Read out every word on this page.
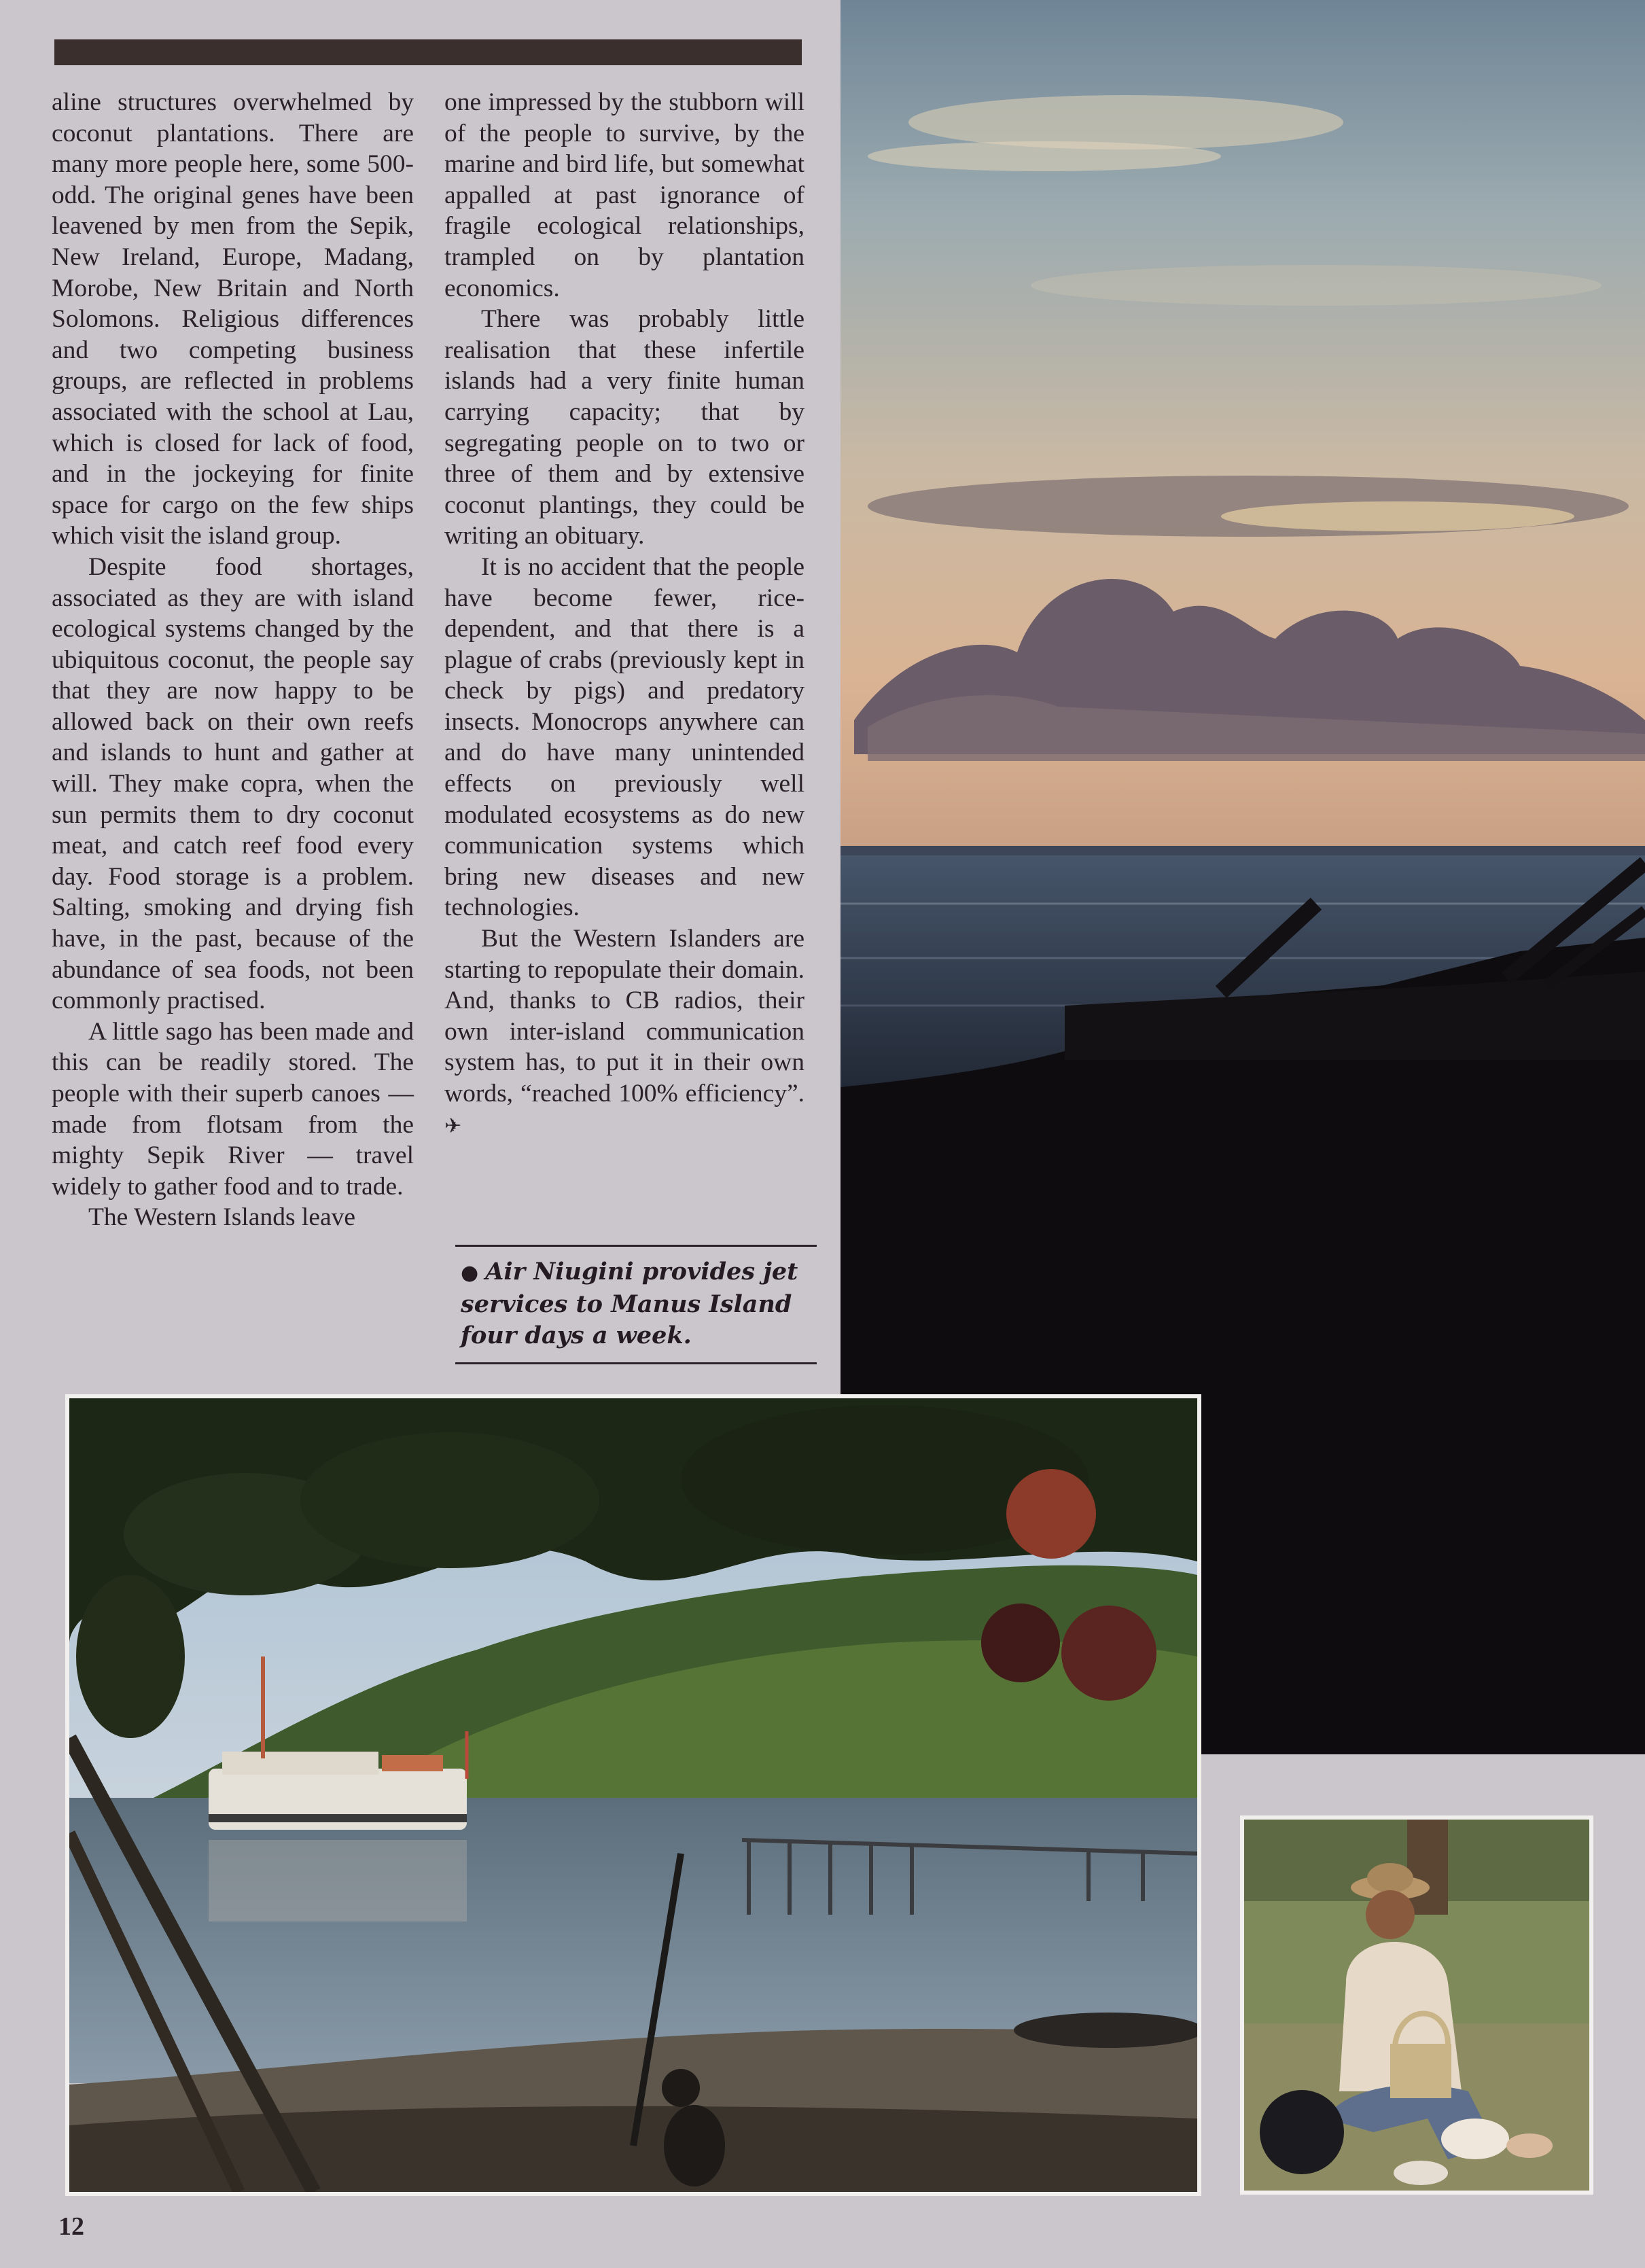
aline structures overwhelmed by coconut plantations. There are many more people here, some 500-odd. The original genes have been leavened by men from the Sepik, New Ireland, Europe, Madang, Morobe, New Britain and North Solomons. Religious differences and two competing business groups, are reflected in problems associated with the school at Lau, which is closed for lack of food, and in the jockeying for finite space for cargo on the few ships which visit the island group.

Despite food shortages, associated as they are with island ecological systems changed by the ubiquitous coconut, the people say that they are now happy to be allowed back on their own reefs and islands to hunt and gather at will. They make copra, when the sun permits them to dry coconut meat, and catch reef food every day. Food storage is a problem. Salting, smoking and drying fish have, in the past, because of the abundance of sea foods, not been commonly practised.

A little sago has been made and this can be readily stored. The people with their superb canoes — made from flotsam from the mighty Sepik River — travel widely to gather food and to trade.

The Western Islands leave

one impressed by the stubborn will of the people to survive, by the marine and bird life, but somewhat appalled at past ignorance of fragile ecological relationships, trampled on by plantation economics.

There was probably little realisation that these infertile islands had a very finite human carrying capacity; that by segregating people on to two or three of them and by extensive coconut plantings, they could be writing an obituary.

It is no accident that the people have become fewer, rice-dependent, and that there is a plague of crabs (previously kept in check by pigs) and predatory insects. Monocrops anywhere can and do have many unintended effects on previously well modulated ecosystems as do new communication systems which bring new diseases and new technologies.

But the Western Islanders are starting to repopulate their domain. And, thanks to CB radios, their own inter-island communication system has, to put it in their own words, “reached 100% efficiency”. ✈

● Air Niugini provides jet services to Manus Island four days a week.
12
